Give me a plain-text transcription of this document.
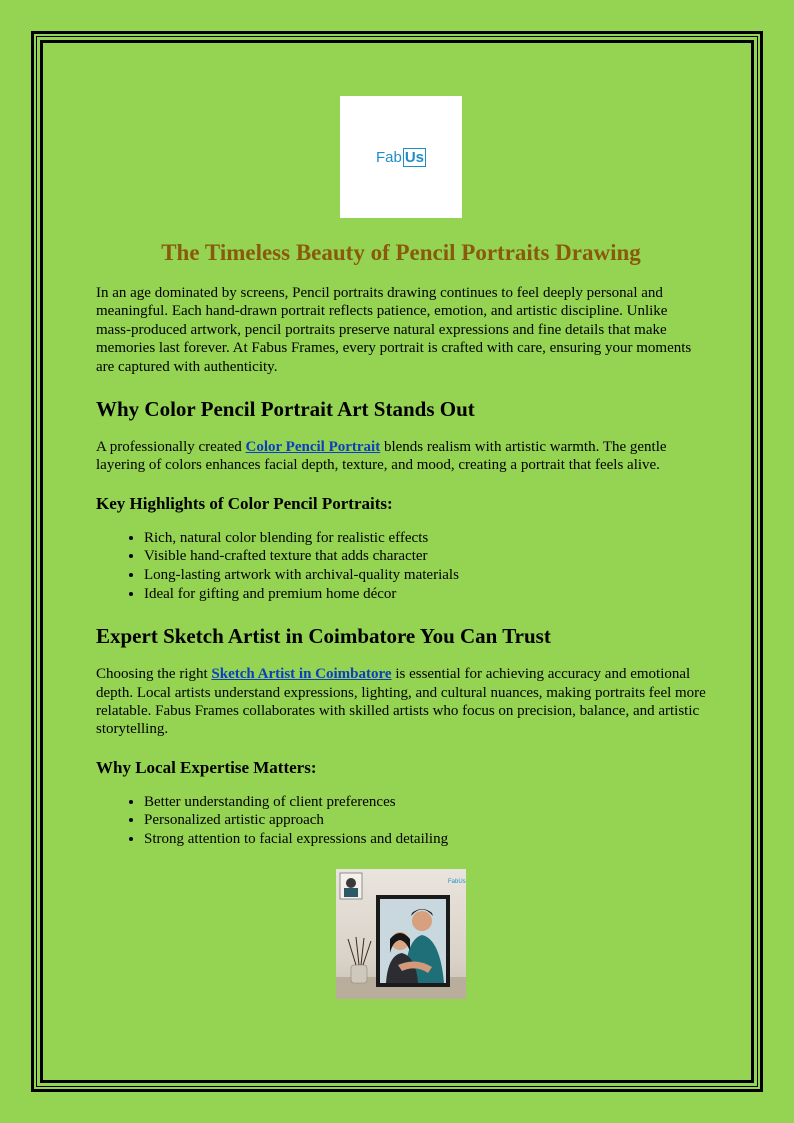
Fab Us
The Timeless Beauty of Pencil Portraits Drawing

In an age dominated by screens, Pencil portraits drawing continues to feel deeply personal and meaningful. Each hand-drawn portrait reflects patience, emotion, and artistic discipline. Unlike mass-produced artwork, pencil portraits preserve natural expressions and fine details that make memories last forever. At Fabus Frames, every portrait is crafted with care, ensuring your moments are captured with authenticity.

Why Color Pencil Portrait Art Stands Out

A professionally created Color Pencil Portrait blends realism with artistic warmth. The gentle layering of colors enhances facial depth, texture, and mood, creating a portrait that feels alive.

Key Highlights of Color Pencil Portraits:
• Rich, natural color blending for realistic effects
• Visible hand-crafted texture that adds character
• Long-lasting artwork with archival-quality materials
• Ideal for gifting and premium home décor
Expert Sketch Artist in Coimbatore You Can Trust

Choosing the right Sketch Artist in Coimbatore is essential for achieving accuracy and emotional depth. Local artists understand expressions, lighting, and cultural nuances, making portraits feel more relatable. Fabus Frames collaborates with skilled artists who focus on precision, balance, and artistic storytelling.

Why Local Expertise Matters:
• Better understanding of client preferences
• Personalized artistic approach
• Strong attention to facial expressions and detailing
FabUs
